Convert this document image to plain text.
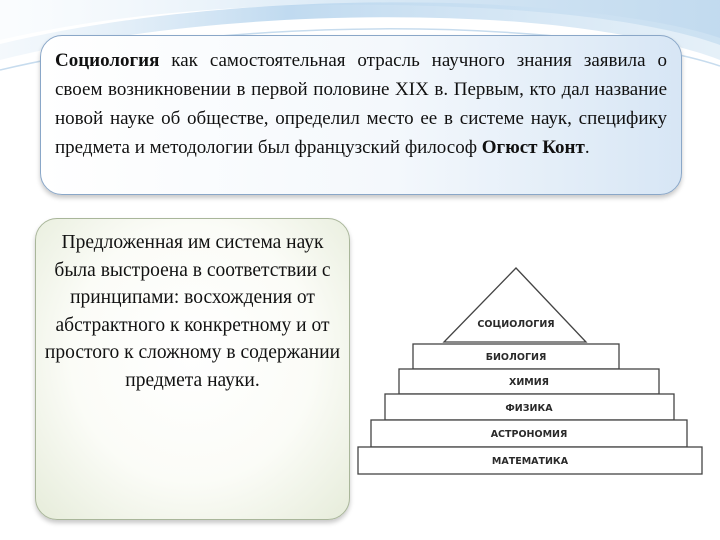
Социология как самостоятельная отрасль научного знания заявила о своем возникновении в первой половине XIX в. Первым, кто дал название новой науке об обществе, определил место ее в системе наук, специфику предмета и методологии был французский философ Огюст Конт.
Предложенная им система наук была выстроена в соответствии с принципами: восхождения от абстрактного к конкретному и от простого к сложному в содержании предмета науки.
СОЦИОЛОГИЯ
БИОЛОГИЯ
ХИМИЯ
ФИЗИКА
АСТРОНОМИЯ
МАТЕМАТИКА
